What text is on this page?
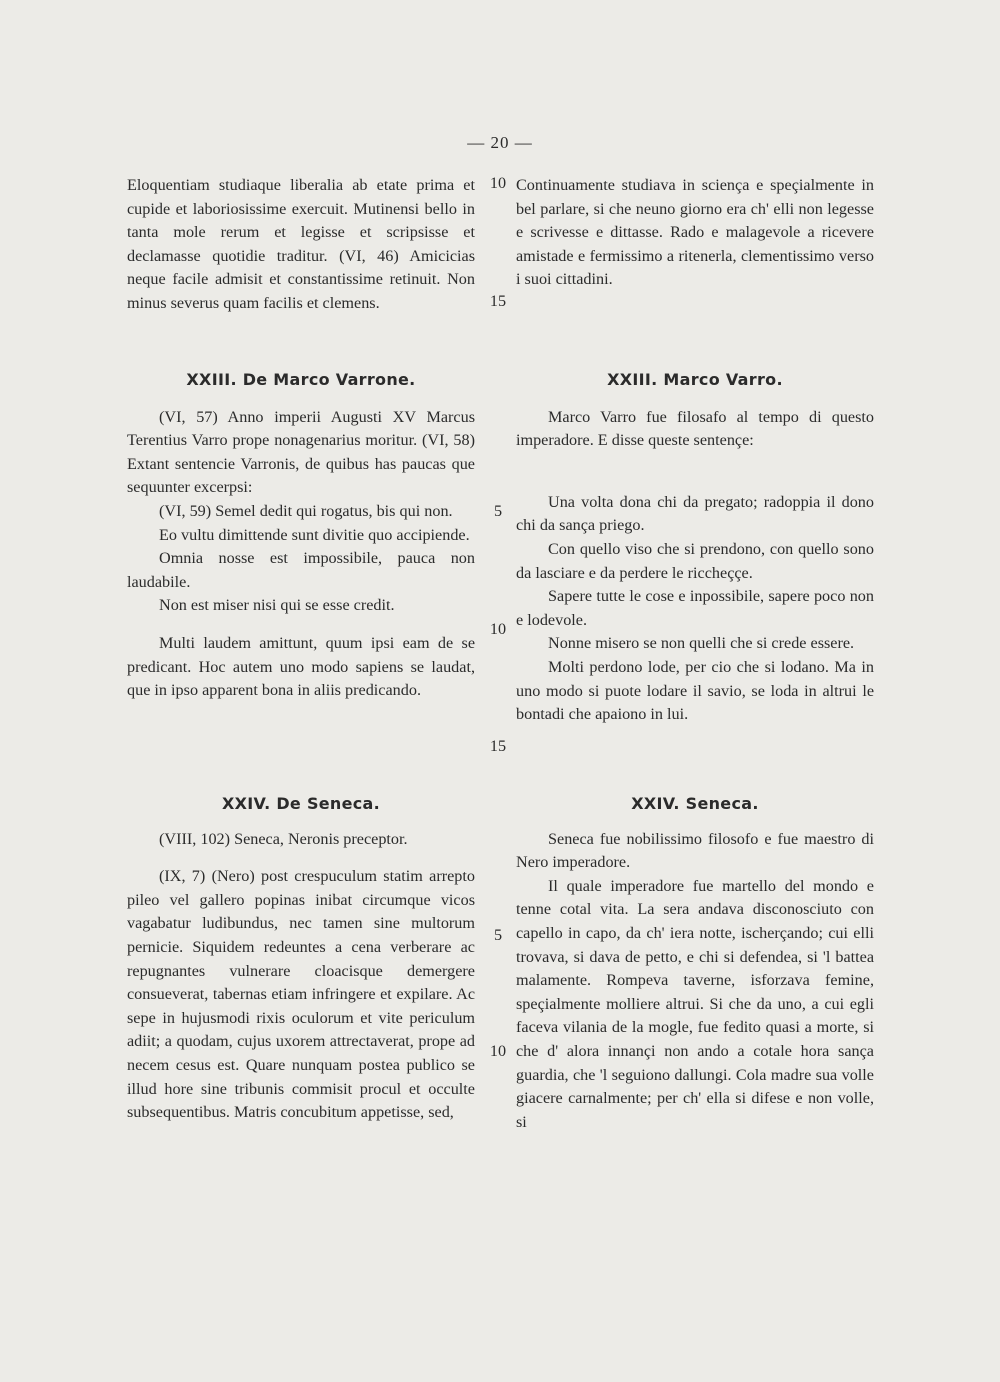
— 20 —

Eloquentiam studiaque liberalia ab etate prima et cupide et laboriosissime exercuit. Mutinensi bello in tanta mole rerum et legisse et scripsisse et declamasse quotidie traditur. (VI, 46) Amicicias neque facile admisit et constantissime retinuit. Non minus severus quam facilis et clemens.

Continuamente studiava in sciença e speçialmente in bel parlare, si che neuno giorno era ch' elli non legesse e scrivesse e dittasse. Rado e malagevole a ricevere amistade e fermissimo a ritenerla, clementissimo verso i suoi cittadini.

10
15
XXIII. De Marco Varrone.

(VI, 57) Anno imperii Augusti XV Marcus Terentius Varro prope nonagenarius moritur. (VI, 58) Extant sentencie Varronis, de quibus has paucas que sequunter excerpsi:

(VI, 59) Semel dedit qui rogatus, bis qui non.

Eo vultu dimittende sunt divitie quo accipiende.

Omnia nosse est impossibile, pauca non laudabile.

Non est miser nisi qui se esse credit.

Multi laudem amittunt, quum ipsi eam de se predicant. Hoc autem uno modo sapiens se laudat, que in ipso apparent bona in aliis predicando.

XXIII. Marco Varro.

Marco Varro fue filosafo al tempo di questo imperadore. E disse queste sentençe:

Una volta dona chi da pregato; radoppia il dono chi da sança priego.

Con quello viso che si prendono, con quello sono da lasciare e da perdere le riccheççe.

Sapere tutte le cose e inpossibile, sapere poco non e lodevole.

Nonne misero se non quelli che si crede essere.

Molti perdono lode, per cio che si lodano. Ma in uno modo si puote lodare il savio, se loda in altrui le bontadi che apaiono in lui.

5
10
15
XXIV. De Seneca.

(VIII, 102) Seneca, Neronis preceptor.

(IX, 7) (Nero) post crespuculum statim arrepto pileo vel gallero popinas inibat circumque vicos vagabatur ludibundus, nec tamen sine multorum pernicie. Siquidem redeuntes a cena verberare ac repugnantes vulnerare cloacisque demergere consueverat, tabernas etiam infringere et expilare. Ac sepe in hujusmodi rixis oculorum et vite periculum adiit; a quodam, cujus uxorem attrectaverat, prope ad necem cesus est. Quare nunquam postea publico se illud hore sine tribunis commisit procul et occulte subsequentibus. Matris concubitum appetisse, sed,

XXIV. Seneca.

Seneca fue nobilissimo filosofo e fue maestro di Nero imperadore.

Il quale imperadore fue martello del mondo e tenne cotal vita. La sera andava disconosciuto con capello in capo, da ch' iera notte, ischerçando; cui elli trovava, si dava de petto, e chi si defendea, si 'l battea malamente. Rompeva taverne, isforzava femine, speçialmente molliere altrui. Si che da uno, a cui egli faceva vilania de la mogle, fue fedito quasi a morte, si che d' alora innançi non ando a cotale hora sança guardia, che 'l seguiono dallungi. Cola madre sua volle giacere carnalmente; per ch' ella si difese e non volle, si

5
10
